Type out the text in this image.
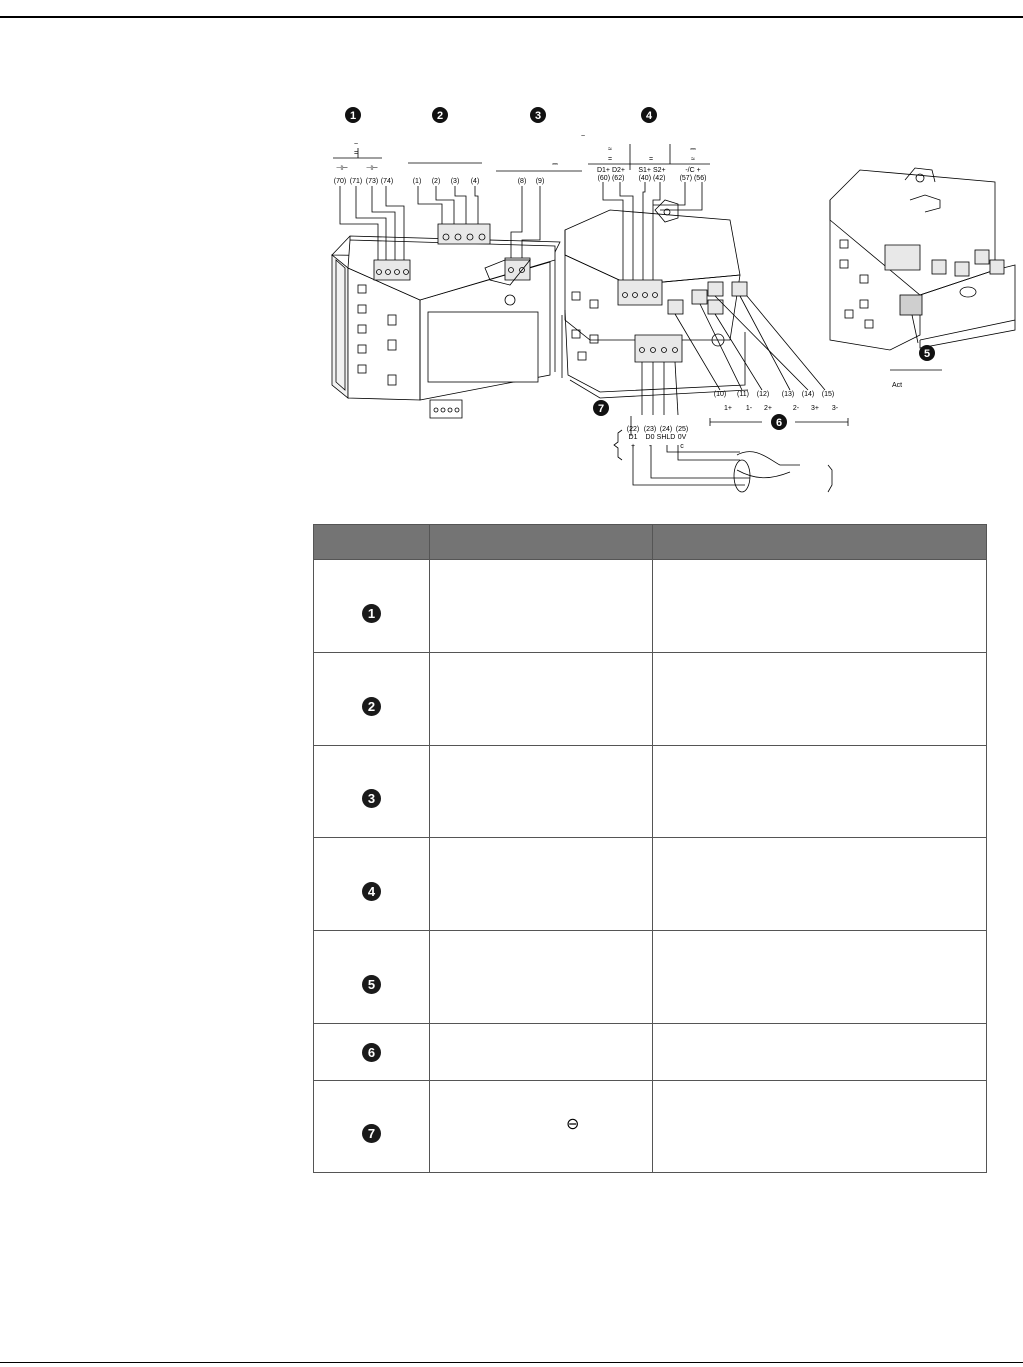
1	2	3	4
5
6
7
~
=
⊣⊢	⊣⊢
(70) (71) (73) (74)	(1) (2) (3) (4)
⎓
(8) (9)
~
≈
=
D1+ D2+
(60) (62)
=
S1+ S2+
(40) (42)
⎓
≈
-/C +
(57) (56)
(10) (11) (12) (13) (14) (15)
1+ 1- 2+	2- 3+ 3-
(22) (23) (24) (25)
D1 D0 SHLD 0V
+ -	c
Act

1		
2		
3		
4		
5		
6		
7	⊖	
